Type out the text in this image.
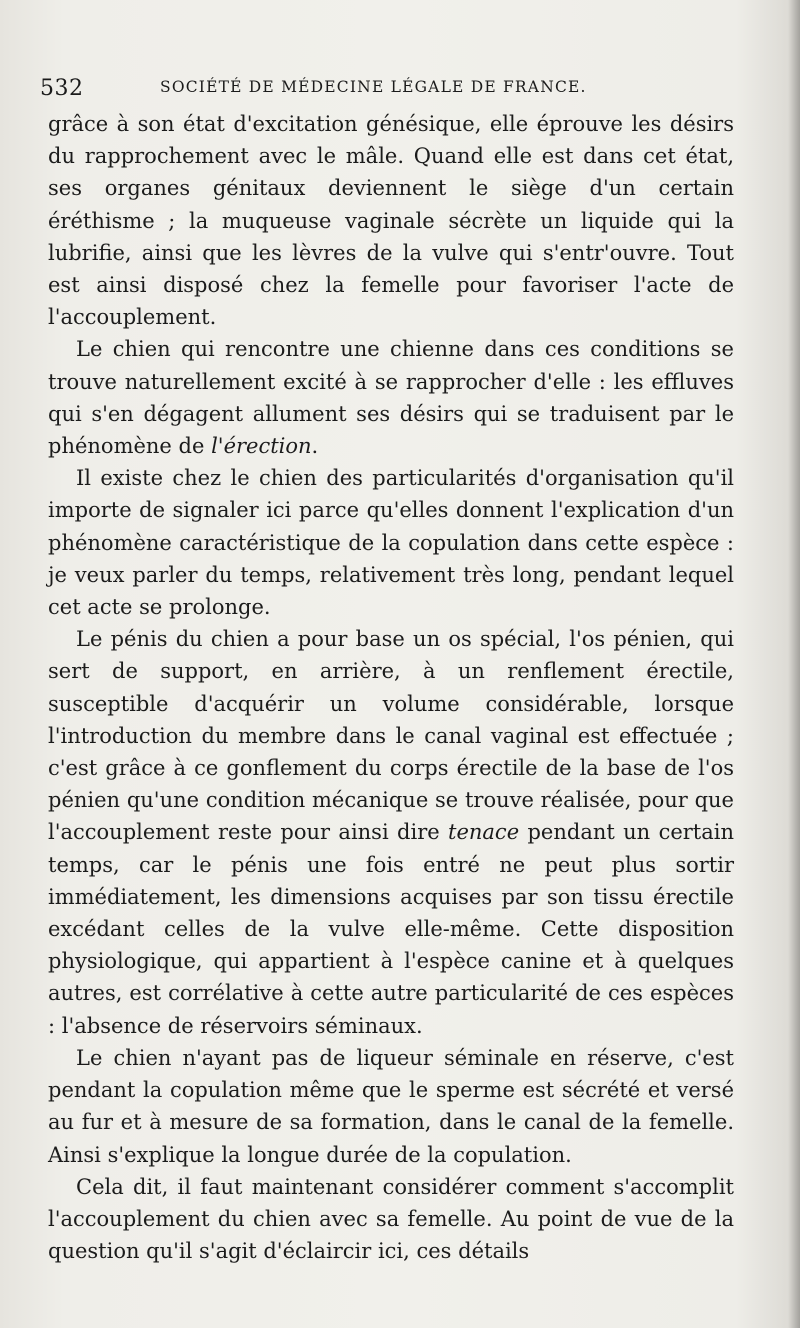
532	SOCIÉTÉ DE MÉDECINE LÉGALE DE FRANCE.

grâce à son état d'excitation génésique, elle éprouve les désirs du rapprochement avec le mâle. Quand elle est dans cet état, ses organes génitaux deviennent le siège d'un certain éréthisme ; la muqueuse vaginale sécrète un liquide qui la lubrifie, ainsi que les lèvres de la vulve qui s'entr'ouvre. Tout est ainsi disposé chez la femelle pour favoriser l'acte de l'accouplement.

Le chien qui rencontre une chienne dans ces conditions se trouve naturellement excité à se rapprocher d'elle : les effluves qui s'en dégagent allument ses désirs qui se traduisent par le phénomène de l'érection.

Il existe chez le chien des particularités d'organisation qu'il importe de signaler ici parce qu'elles donnent l'explication d'un phénomène caractéristique de la copulation dans cette espèce : je veux parler du temps, relativement très long, pendant lequel cet acte se prolonge.

Le pénis du chien a pour base un os spécial, l'os pénien, qui sert de support, en arrière, à un renflement érectile, susceptible d'acquérir un volume considérable, lorsque l'introduction du membre dans le canal vaginal est effectuée ; c'est grâce à ce gonflement du corps érectile de la base de l'os pénien qu'une condition mécanique se trouve réalisée, pour que l'accouplement reste pour ainsi dire tenace pendant un certain temps, car le pénis une fois entré ne peut plus sortir immédiatement, les dimensions acquises par son tissu érectile excédant celles de la vulve elle-même. Cette disposition physiologique, qui appartient à l'espèce canine et à quelques autres, est corrélative à cette autre particularité de ces espèces : l'absence de réservoirs séminaux.

Le chien n'ayant pas de liqueur séminale en réserve, c'est pendant la copulation même que le sperme est sécrété et versé au fur et à mesure de sa formation, dans le canal de la femelle. Ainsi s'explique la longue durée de la copulation.

Cela dit, il faut maintenant considérer comment s'accomplit l'accouplement du chien avec sa femelle. Au point de vue de la question qu'il s'agit d'éclaircir ici, ces détails
